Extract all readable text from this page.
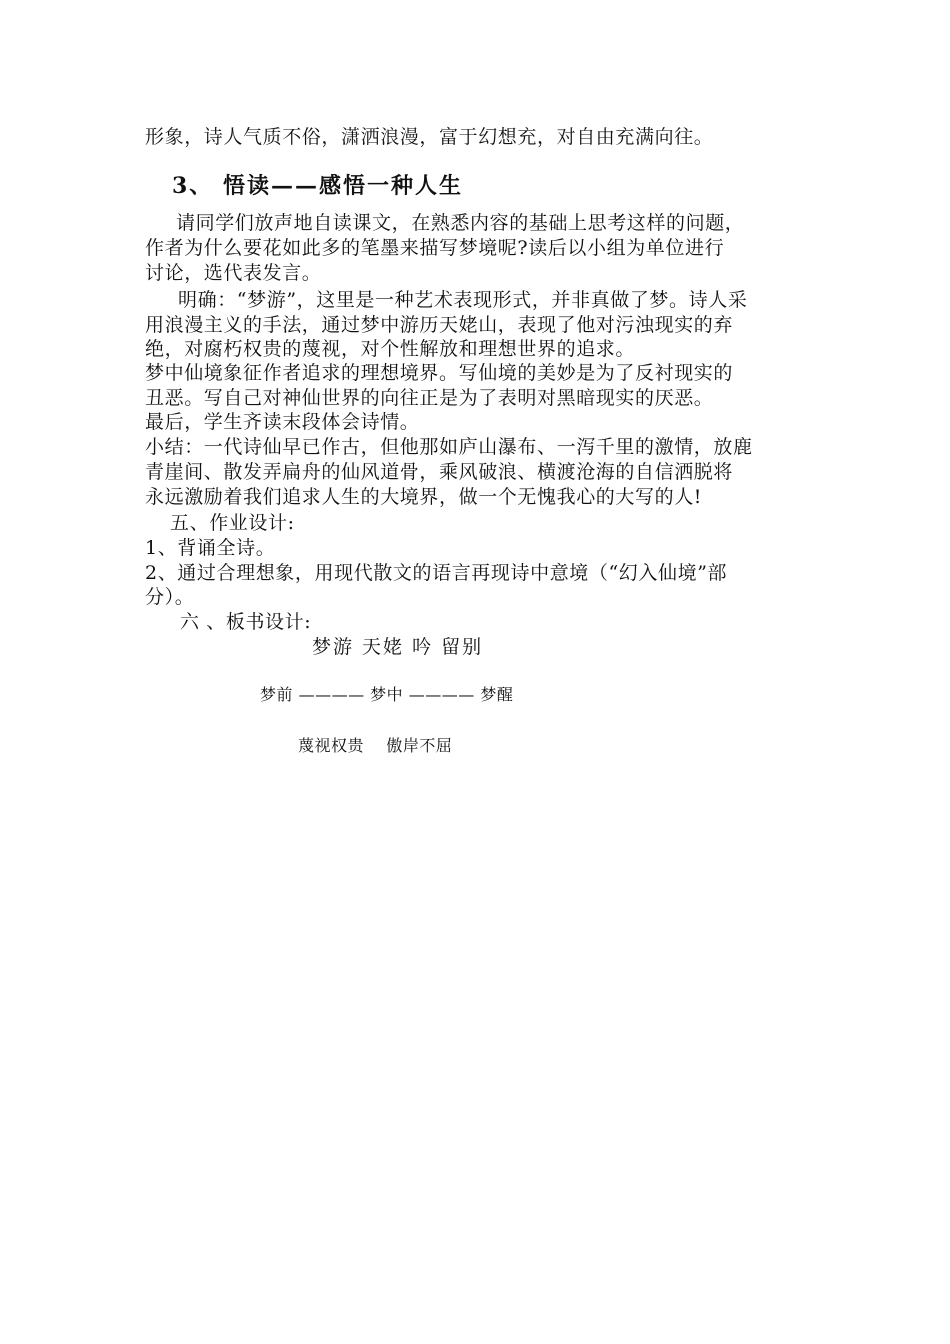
形象，诗人气质不俗，潇洒浪漫，富于幻想充，对自由充满向往。
3、 悟读——感悟一种人生
请同学们放声地自读课文，在熟悉内容的基础上思考这样的问题，
作者为什么要花如此多的笔墨来描写梦境呢?读后以小组为单位进行
讨论，选代表发言。
明确：“梦游”，这里是一种艺术表现形式，并非真做了梦。诗人采
用浪漫主义的手法，通过梦中游历天姥山，表现了他对污浊现实的弃
绝，对腐朽权贵的蔑视，对个性解放和理想世界的追求。
梦中仙境象征作者追求的理想境界。写仙境的美妙是为了反衬现实的
丑恶。写自己对神仙世界的向往正是为了表明对黑暗现实的厌恶。
最后，学生齐读末段体会诗情。
小结：一代诗仙早已作古，但他那如庐山瀑布、一泻千里的激情，放鹿
青崖间、散发弄扁舟的仙风道骨，乘风破浪、横渡沧海的自信洒脱将
永远激励着我们追求人生的大境界，做一个无愧我心的大写的人!
五、作业设计:
1、背诵全诗。
2、通过合理想象，用现代散文的语言再现诗中意境（“幻入仙境”部
分）。
六 、板书设计:
梦游 天姥 吟 留别
梦前 ———— 梦中 ———— 梦醒
蔑视权贵    傲岸不屈
